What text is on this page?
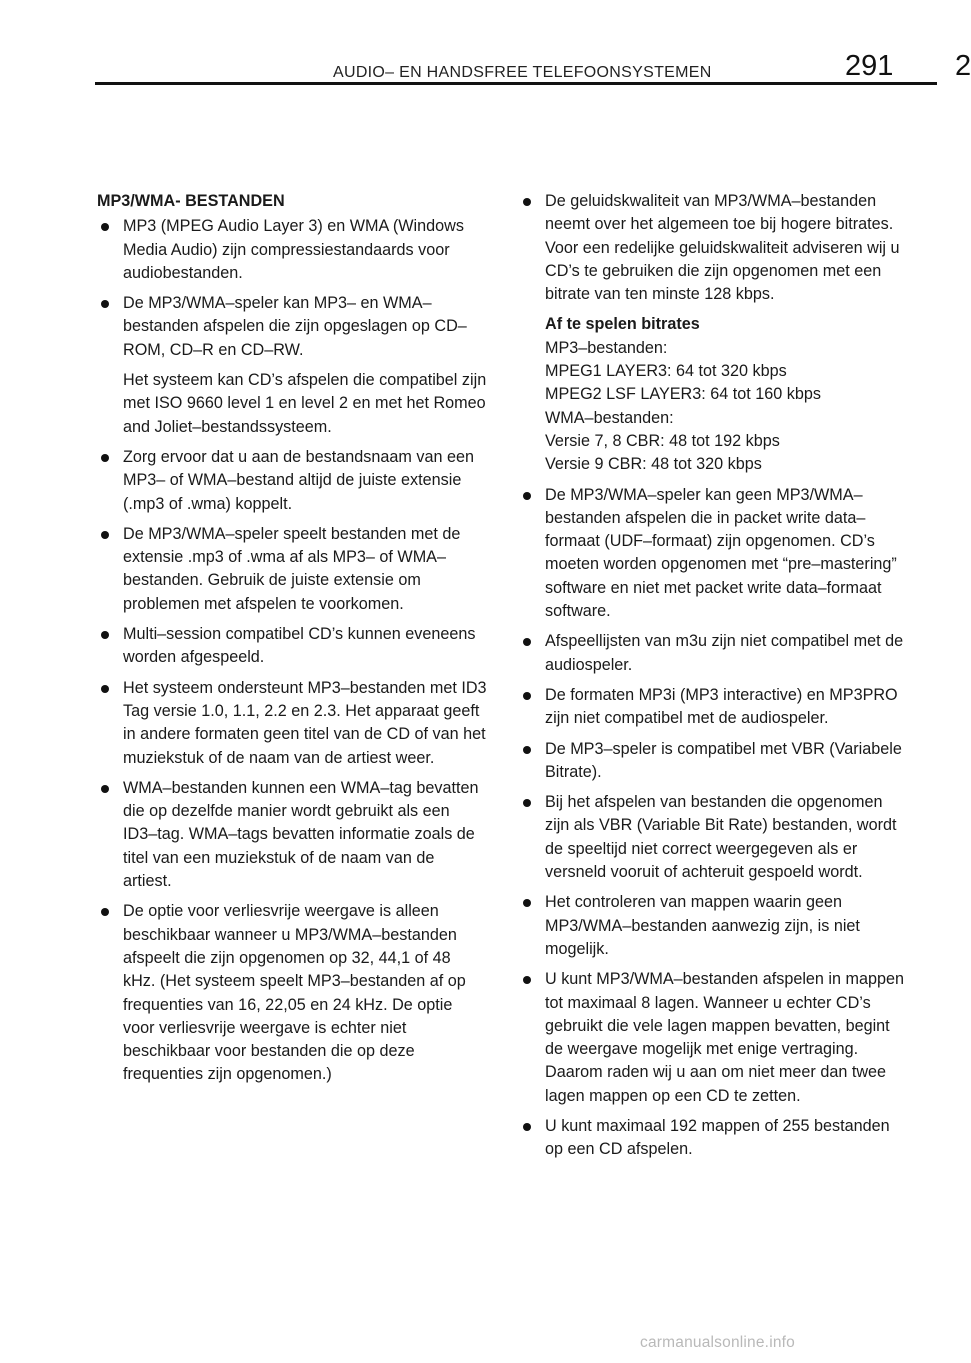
AUDIO– EN HANDSFREE TELEFOONSYSTEMEN	291 2
MP3/WMA- BESTANDEN
MP3 (MPEG Audio Layer 3) en WMA (Windows Media Audio) zijn compressiestandaards voor audiobestanden.
De MP3/WMA–speler kan MP3– en WMA– bestanden afspelen die zijn opgeslagen op CD–ROM, CD–R en CD–RW.
Het systeem kan CD’s afspelen die compatibel zijn met ISO 9660 level 1 en level 2 en met het Romeo and Joliet–bestandssysteem.
Zorg ervoor dat u aan de bestandsnaam van een MP3– of WMA–bestand altijd de juiste extensie (.mp3 of .wma) koppelt.
De MP3/WMA–speler speelt bestanden met de extensie .mp3 of .wma af als MP3– of WMA–bestanden. Gebruik de juiste extensie om problemen met afspelen te voorkomen.
Multi–session compatibel CD’s kunnen eveneens worden afgespeeld.
Het systeem ondersteunt MP3–bestanden met ID3 Tag versie 1.0, 1.1, 2.2 en 2.3. Het apparaat geeft in andere formaten geen titel van de CD of van het muziekstuk of de naam van de artiest weer.
WMA–bestanden kunnen een WMA–tag bevatten die op dezelfde manier wordt gebruikt als een ID3–tag. WMA–tags bevatten informatie zoals de titel van een muziekstuk of de naam van de artiest.
De optie voor verliesvrije weergave is alleen beschikbaar wanneer u MP3/WMA–bestanden afspeelt die zijn opgenomen op 32, 44,1 of 48 kHz. (Het systeem speelt MP3–bestanden af op frequenties van 16, 22,05 en 24 kHz. De optie voor verliesvrije weergave is echter niet beschikbaar voor bestanden die op deze frequenties zijn opgenomen.)
De geluidskwaliteit van MP3/WMA–bestanden neemt over het algemeen toe bij hogere bitrates. Voor een redelijke geluidskwaliteit adviseren wij u CD’s te gebruiken die zijn opgenomen met een bitrate van ten minste 128 kbps.
Af te spelen bitrates
MP3–bestanden:
MPEG1 LAYER3: 64 tot 320 kbps
MPEG2 LSF LAYER3: 64 tot 160 kbps
WMA–bestanden:
Versie 7, 8 CBR: 48 tot 192 kbps
Versie 9 CBR: 48 tot 320 kbps
De MP3/WMA–speler kan geen MP3/WMA–bestanden afspelen die in packet write data–formaat (UDF–formaat) zijn opgenomen. CD’s moeten worden opgenomen met “pre–mastering” software en niet met packet write data–formaat software.
Afspeellijsten van m3u zijn niet compatibel met de audiospeler.
De formaten MP3i (MP3 interactive) en MP3PRO zijn niet compatibel met de audiospeler.
De MP3–speler is compatibel met VBR (Variabele Bitrate).
Bij het afspelen van bestanden die opgenomen zijn als VBR (Variable Bit Rate) bestanden, wordt de speeltijd niet correct weergegeven als er versneld vooruit of achteruit gespoeld wordt.
Het controleren van mappen waarin geen MP3/WMA–bestanden aanwezig zijn, is niet mogelijk.
U kunt MP3/WMA–bestanden afspelen in mappen tot maximaal 8 lagen. Wanneer u echter CD’s gebruikt die vele lagen mappen bevatten, begint de weergave mogelijk met enige vertraging. Daarom raden wij u aan om niet meer dan twee lagen mappen op een CD te zetten.
U kunt maximaal 192 mappen of 255 bestanden op een CD afspelen.
carmanualsonline.info
